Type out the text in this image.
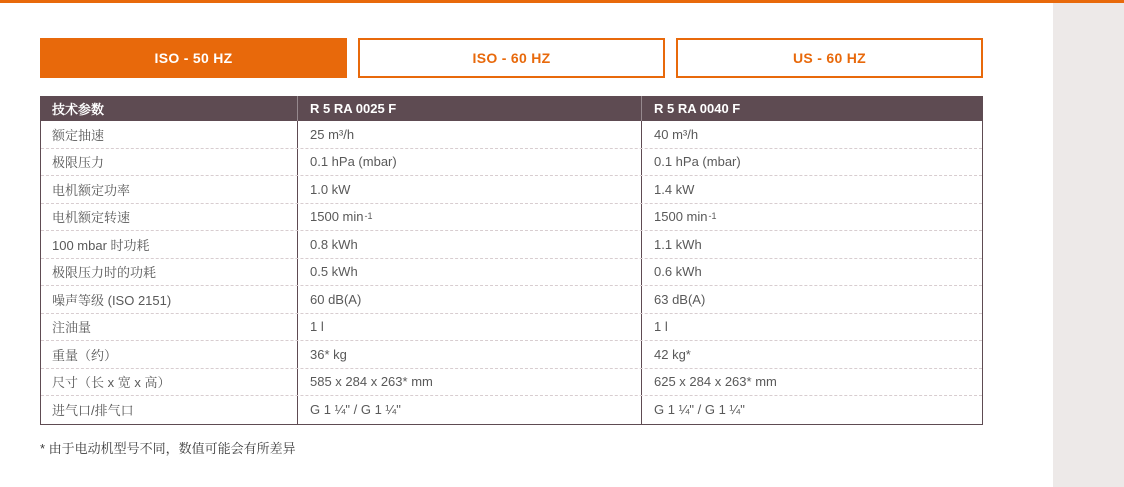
ISO - 50 HZ	ISO - 60 HZ	US - 60 HZ
技术参数	R 5 RA 0025 F	R 5 RA 0040 F
额定抽速	25 m³/h	40 m³/h
极限压力	0.1 hPa (mbar)	0.1 hPa (mbar)
电机额定功率	1.0 kW	1.4 kW
电机额定转速	1500 $\min^{-1}$	1500 $\min^{-1}$
100 mbar 时功耗	0.8 kWh	1.1 kWh
极限压力时的功耗	0.5 kWh	0.6 kWh
噪声等级 (ISO 2151)	60 dB(A)	63 dB(A)
注油量	1 l	1 l
重量（约）	36* kg	42 kg*
尺寸（长 x 宽 x 高）	585 x 284 x 263* mm	625 x 284 x 263* mm
进气口/排气口	G 1 ¼" / G 1 ¼"	G 1 ¼" / G 1 ¼"
* 由于电动机型号不同，数值可能会有所差异
